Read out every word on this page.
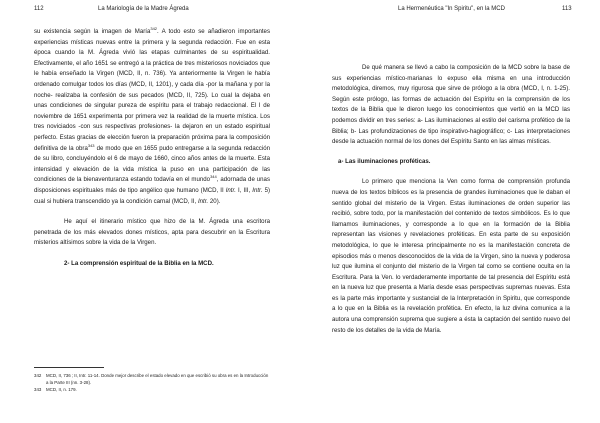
112	La Mariología de la Madre Ágreda

su existencia según la imagen de María$^{342}$. A todo esto se añadieron importantes experiencias místicas nuevas entre la primera y la segunda redacción. Fue en esta época cuando la M. Ágreda vivió las etapas culminantes de su espiritualidad. Efectivamente, el año 1651 se entregó a la práctica de tres misteriosos noviciados que le había enseñado la Virgen (MCD, II, n. 736). Ya anteriormente la Virgen le había ordenado comulgar todos los días (MCD, II, 1201), y cada día -por la mañana y por la noche- realizaba la confesión de sus pecados (MCD, II, 725). Lo cual la dejaba en unas condiciones de singular pureza de espíritu para el trabajo redaccional. El I de noviembre de 1651 experimenta por primera vez la realidad de la muerte mística. Los tres noviciados -con sus respectivas profesiones- la dejaron en un estado espiritual perfecto. Estas gracias de elección fueron la preparación próxima para la composición definitiva de la obra$^{343}$ de modo que en 1655 pudo entregarse a la segunda redacción de su libro, concluyéndolo el 6 de mayo de 1660, cinco años antes de la muerte. Esta intensidad y elevación de la vida mística la puso en una participación de las condiciones de la bienaventuranza estando todavía en el mundo$^{344}$, adornada de unas disposiciones espirituales más de tipo angélico que humano (MCD, II Intr. I, III, Intr. 5) cual si hubiera transcendido ya la condición carnal (MCD, II, Intr. 20).

He aquí el itinerario místico que hizo de la M. Ágreda una escritora penetrada de los más elevados dones místicos, apta para descubrir en la Escritura misterios altísimos sobre la vida de la Virgen.

2- La comprensión espiritual de la Biblia en la MCD.

342	MCD, II, 736 ; II, Intr. 11-14. Donde mejor describe el estado elevado en que escribió su obra es en la Introducción a la Parte III (nn. 3-28).
343	MCD, II, n. 179.
La Hermenéutica "In Spiritu", en la MCD	113

De qué manera se llevó a cabo la composición de la MCD sobre la base de sus experiencias místico-marianas lo expuso ella misma en una introducción metodológica, diremos, muy rigurosa que sirve de prólogo a la obra (MCD, I, n. 1-25). Según este prólogo, las formas de actuación del Espíritu en la comprensión de los textos de la Biblia que le dieron luego los conocimientos que vertió en la MCD las podemos dividir en tres series: a- Las iluminaciones al estilo del carisma profético de la Biblia; b- Las profundizaciones de tipo inspirativo-hagiográfico; c- Las interpretaciones desde la actuación normal de los dones del Espíritu Santo en las almas místicas.

a- Las iluminaciones proféticas.

Lo primero que menciona la Ven como forma de comprensión profunda nueva de los textos bíblicos es la presencia de grandes iluminaciones que le daban el sentido global del misterio de la Virgen. Estas iluminaciones de orden superior las recibió, sobre todo, por la manifestación del contenido de textos simbólicos. Es lo que llamamos iluminaciones, y corresponde a lo que en la formación de la Biblia representan las visiones y revelaciones proféticas. En esta parte de su exposición metodológica, lo que le interesa principalmente no es la manifestación concreta de episodios más o menos desconocidos de la vida de la Virgen, sino la nueva y poderosa luz que ilumina el conjunto del misterio de la Virgen tal como se contiene oculta en la Escritura. Para la Ven. lo verdaderamente importante de tal presencia del Espíritu está en la nueva luz que presenta a María desde esas perspectivas supremas nuevas. Esta es la parte más importante y sustancial de la Interpretación in Spiritu, que corresponde a lo que en la Biblia es la revelación profética. En efecto, la luz divina comunica a la autora una comprensión suprema que sugiere a ésta la captación del sentido nuevo del resto de los detalles de la vida de María.
